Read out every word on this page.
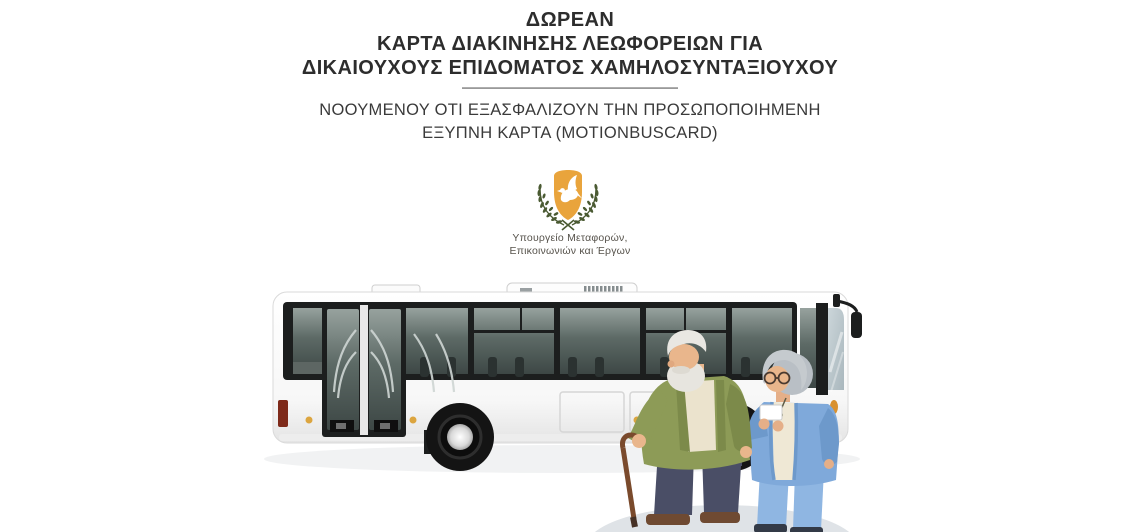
ΔΩΡΕΑΝ
ΚΑΡΤΑ ΔΙΑΚΙΝΗΣΗΣ ΛΕΩΦΟΡΕΙΩΝ ΓΙΑ
ΔΙΚΑΙΟΥΧΟΥΣ ΕΠΙΔΟΜΑΤΟΣ ΧΑΜΗΛΟΣΥΝΤΑΞΙΟΥΧΟΥ

ΝΟΟΥΜΕΝΟΥ ΟΤΙ ΕΞΑΣΦΑΛΙΖΟΥΝ ΤΗΝ ΠΡΟΣΩΠΟΠΟΙΗΜΕΝΗ
ΕΞΥΠΝΗ ΚΑΡΤΑ (MOTIONBUSCARD)

Υπουργείο Μεταφορών,
Επικοινωνιών και Έργων
